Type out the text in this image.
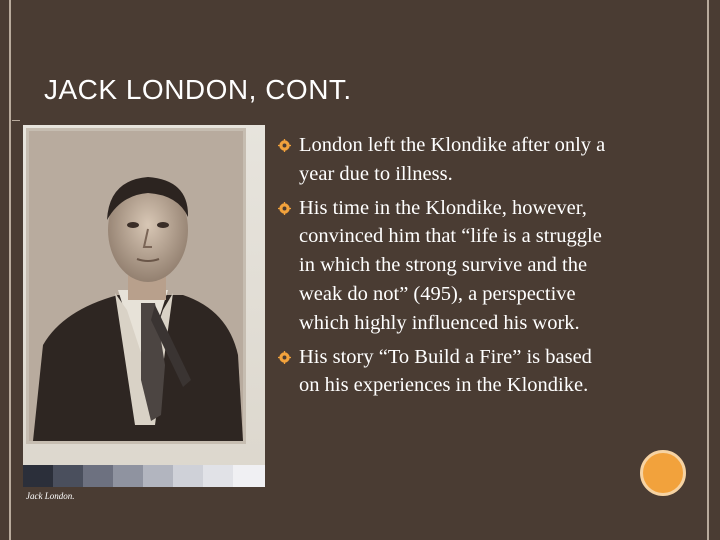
JACK LONDON, CONT.
Jack London.
London left the Klondike after only a year due to illness.
His time in the Klondike, however, convinced him that “life is a struggle in which the strong survive and the weak do not” (495), a perspective which highly influenced his work.
His story “To Build a Fire” is based on his experiences in the Klondike.
